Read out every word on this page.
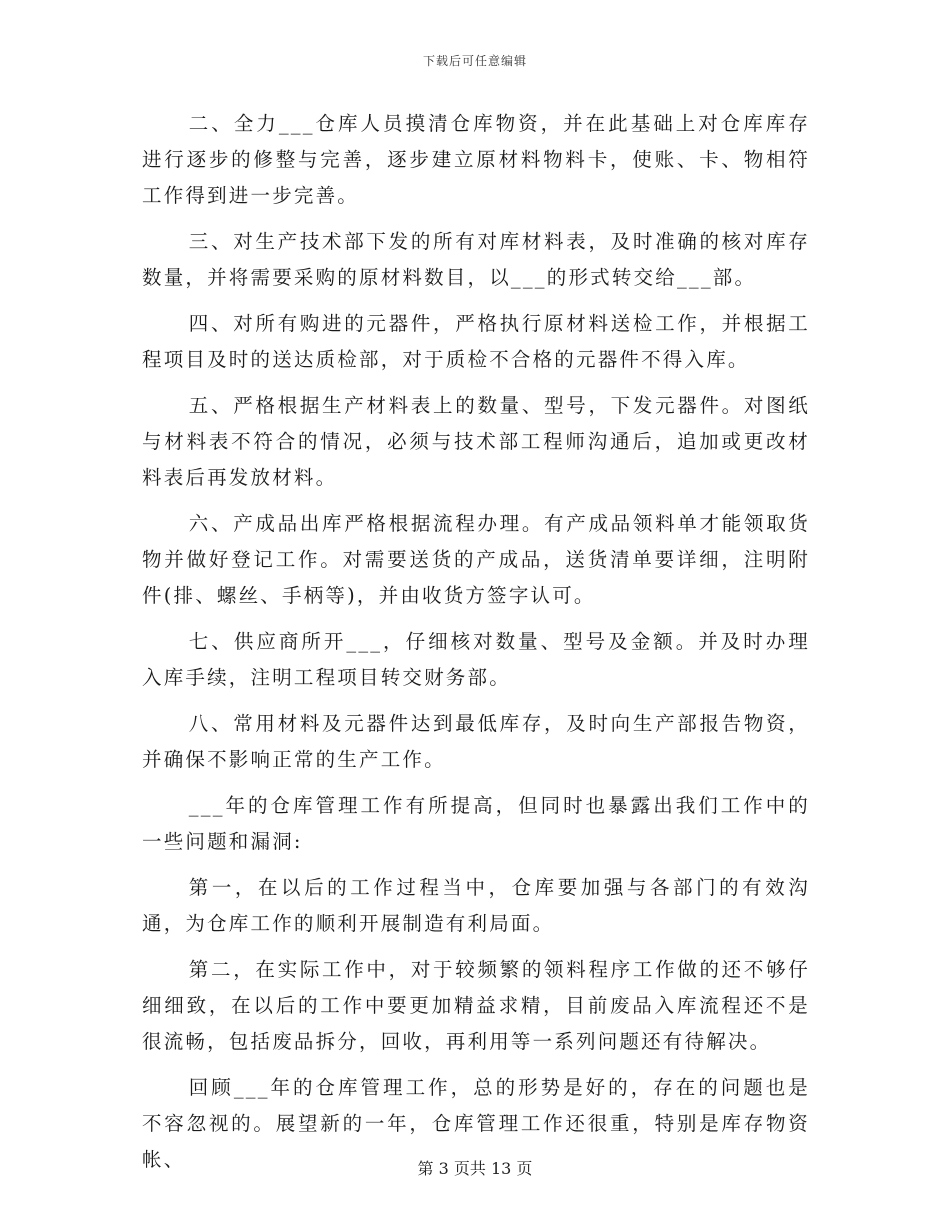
下载后可任意编辑

二、全力___仓库人员摸清仓库物资，并在此基础上对仓库库存进行逐步的修整与完善，逐步建立原材料物料卡，使账、卡、物相符工作得到进一步完善。

三、对生产技术部下发的所有对库材料表，及时准确的核对库存数量，并将需要采购的原材料数目，以___的形式转交给___部。

四、对所有购进的元器件，严格执行原材料送检工作，并根据工程项目及时的送达质检部，对于质检不合格的元器件不得入库。

五、严格根据生产材料表上的数量、型号，下发元器件。对图纸与材料表不符合的情况，必须与技术部工程师沟通后，追加或更改材料表后再发放材料。

六、产成品出库严格根据流程办理。有产成品领料单才能领取货物并做好登记工作。对需要送货的产成品，送货清单要详细，注明附件(排、螺丝、手柄等)，并由收货方签字认可。

七、供应商所开___，仔细核对数量、型号及金额。并及时办理入库手续，注明工程项目转交财务部。

八、常用材料及元器件达到最低库存，及时向生产部报告物资，并确保不影响正常的生产工作。

___年的仓库管理工作有所提高，但同时也暴露出我们工作中的一些问题和漏洞:

第一，在以后的工作过程当中，仓库要加强与各部门的有效沟通，为仓库工作的顺利开展制造有利局面。

第二，在实际工作中，对于较频繁的领料程序工作做的还不够仔细细致，在以后的工作中要更加精益求精，目前废品入库流程还不是很流畅，包括废品拆分，回收，再利用等一系列问题还有待解决。

回顾___年的仓库管理工作，总的形势是好的，存在的问题也是不容忽视的。展望新的一年，仓库管理工作还很重，特别是库存物资帐、	第 3 页共 13 页
